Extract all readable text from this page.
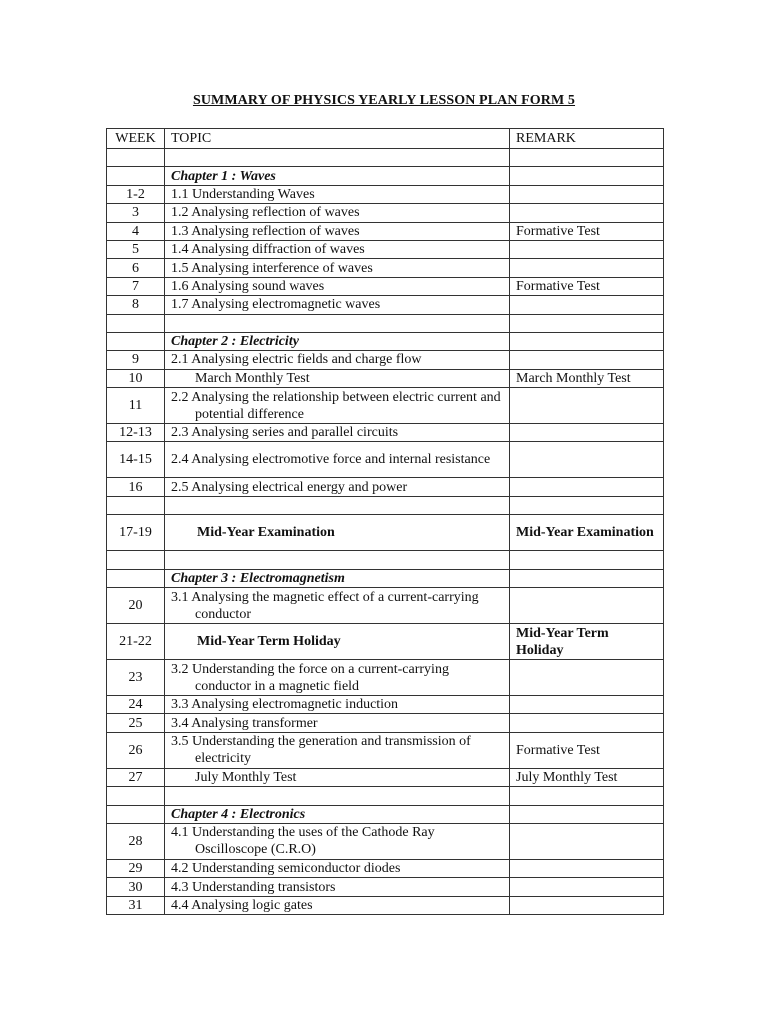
SUMMARY OF PHYSICS YEARLY LESSON PLAN FORM 5
WEEK	TOPIC	REMARK

	Chapter 1 : Waves	

1-2	1.1 Understanding Waves	

3	1.2 Analysing reflection of waves	

4	1.3 Analysing reflection of waves	Formative Test
5	1.4 Analysing diffraction of waves	

6	1.5 Analysing interference of waves	

7	1.6 Analysing sound waves	Formative Test
8	1.7 Analysing electromagnetic waves	

	Chapter 2 : Electricity	

9	2.1 Analysing electric fields and charge flow	

10	March Monthly Test	March Monthly Test
11	2.2 Analysing the relationship between electric current and potential difference	

12-13	2.3 Analysing series and parallel circuits	

14-15	2.4 Analysing electromotive force and internal resistance	

16	2.5 Analysing electrical energy and power	

17-19	Mid-Year Examination	Mid-Year Examination

	Chapter 3 : Electromagnetism	

20	3.1 Analysing the magnetic effect of a current-carrying conductor	

21-22	Mid-Year Term Holiday	Mid-Year Term Holiday
23	3.2 Understanding the force on a current-carrying conductor in a magnetic field	

24	3.3 Analysing electromagnetic induction	

25	3.4 Analysing transformer	

26	3.5 Understanding the generation and transmission of electricity	Formative Test
27	July Monthly Test	July Monthly Test

	Chapter 4 : Electronics	

28	4.1 Understanding the uses of the Cathode Ray Oscilloscope (C.R.O)	

29	4.2 Understanding semiconductor diodes	

30	4.3 Understanding transistors	

31	4.4 Analysing logic gates	
